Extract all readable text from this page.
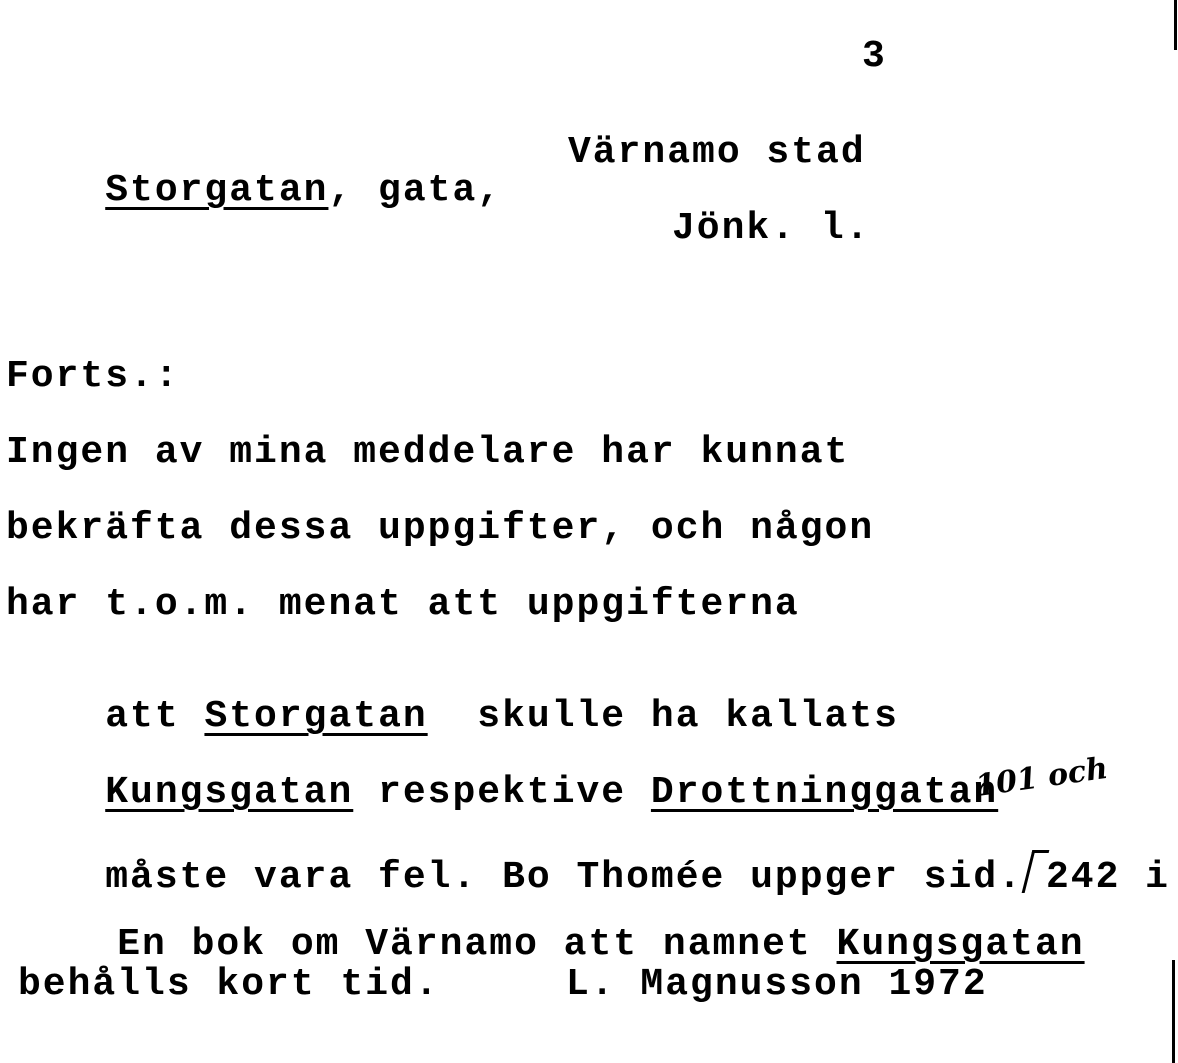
3

Storgatan, gata,

Värnamo stad
Jönk. l.
Forts.:
Ingen av mina meddelare har kunnat
bekräfta dessa uppgifter, och någon
har t.o.m. menat att uppgifterna

att Storgatan  skulle ha kallats

Kungsgatan respektive Drottninggatan

101 och

måste vara fel. Bo Thomée uppger sid. 242 i

En bok om Värnamo att namnet Kungsgatan

behålls kort tid.	L. Magnusson 1972
